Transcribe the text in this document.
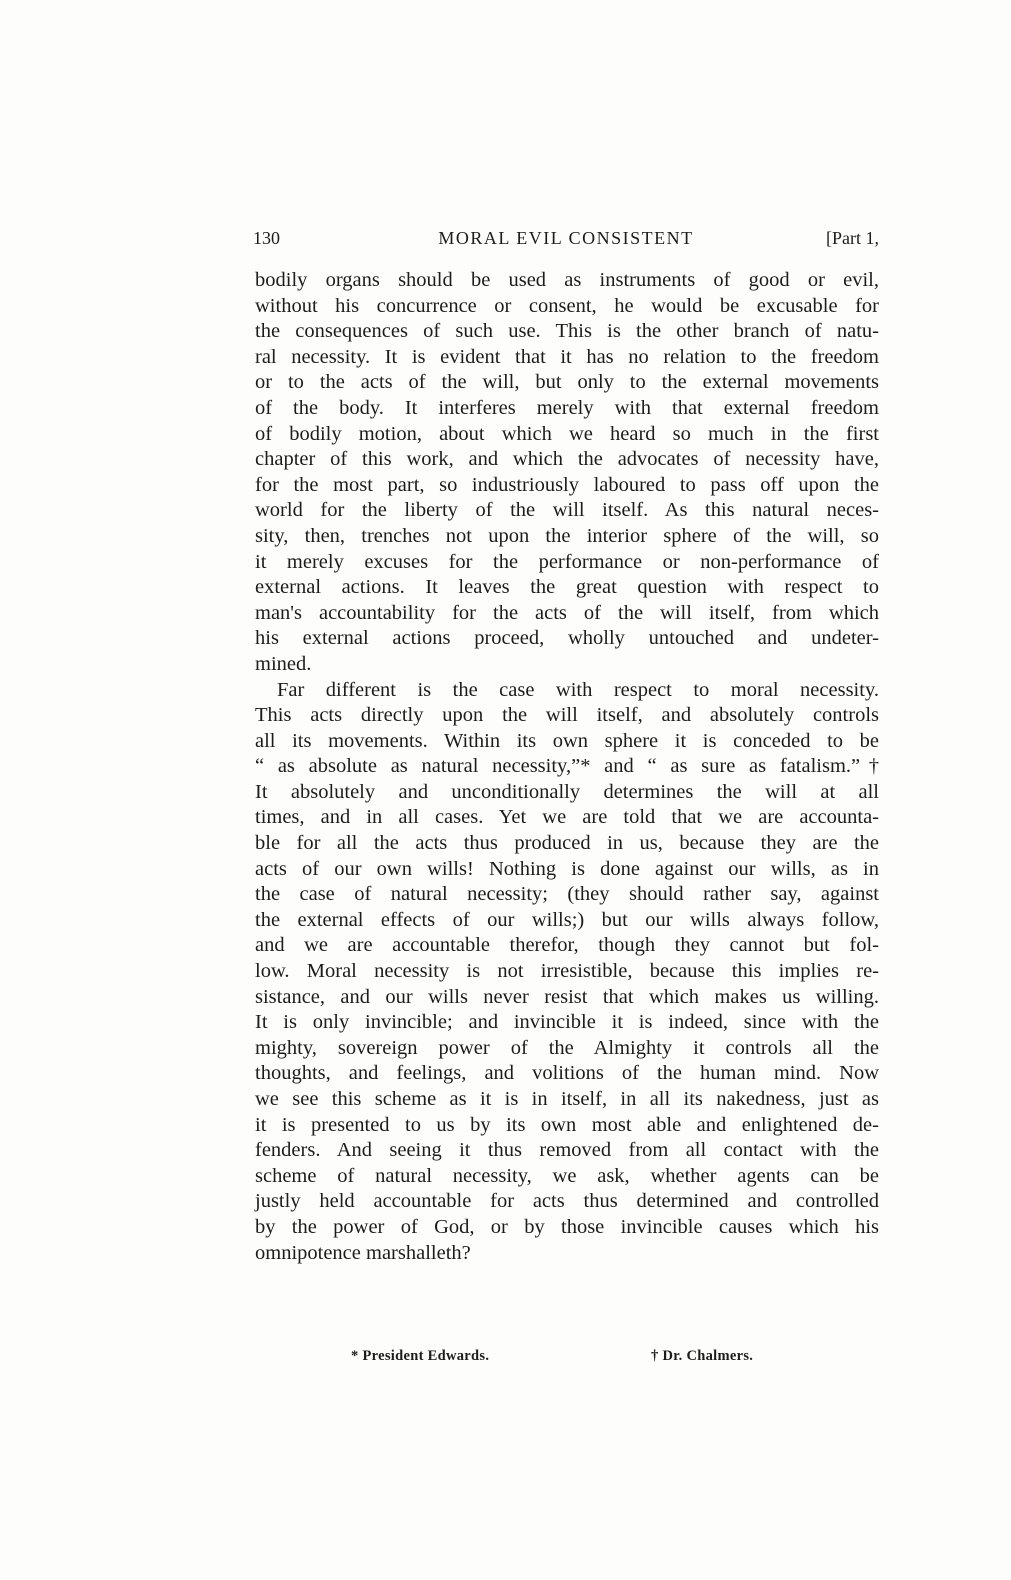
130	MORAL EVIL CONSISTENT	[Part 1,
bodily organs should be used as instruments of good or evil,
without his concurrence or consent, he would be excusable for
the consequences of such use. This is the other branch of natu-
ral necessity. It is evident that it has no relation to the freedom
or to the acts of the will, but only to the external movements
of the body. It interferes merely with that external freedom
of bodily motion, about which we heard so much in the first
chapter of this work, and which the advocates of necessity have,
for the most part, so industriously laboured to pass off upon the
world for the liberty of the will itself. As this natural neces-
sity, then, trenches not upon the interior sphere of the will, so
it merely excuses for the performance or non-performance of
external actions. It leaves the great question with respect to
man's accountability for the acts of the will itself, from which
his external actions proceed, wholly untouched and undeter-
mined.
Far different is the case with respect to moral necessity.
This acts directly upon the will itself, and absolutely controls
all its movements. Within its own sphere it is conceded to be
“ as absolute as natural necessity,”* and “ as sure as fatalism.”†
It absolutely and unconditionally determines the will at all
times, and in all cases. Yet we are told that we are accounta-
ble for all the acts thus produced in us, because they are the
acts of our own wills! Nothing is done against our wills, as in
the case of natural necessity; (they should rather say, against
the external effects of our wills;) but our wills always follow,
and we are accountable therefor, though they cannot but fol-
low. Moral necessity is not irresistible, because this implies re-
sistance, and our wills never resist that which makes us willing.
It is only invincible; and invincible it is indeed, since with the
mighty, sovereign power of the Almighty it controls all the
thoughts, and feelings, and volitions of the human mind. Now
we see this scheme as it is in itself, in all its nakedness, just as
it is presented to us by its own most able and enlightened de-
fenders. And seeing it thus removed from all contact with the
scheme of natural necessity, we ask, whether agents can be
justly held accountable for acts thus determined and controlled
by the power of God, or by those invincible causes which his
omnipotence marshalleth?
* President Edwards.	† Dr. Chalmers.
